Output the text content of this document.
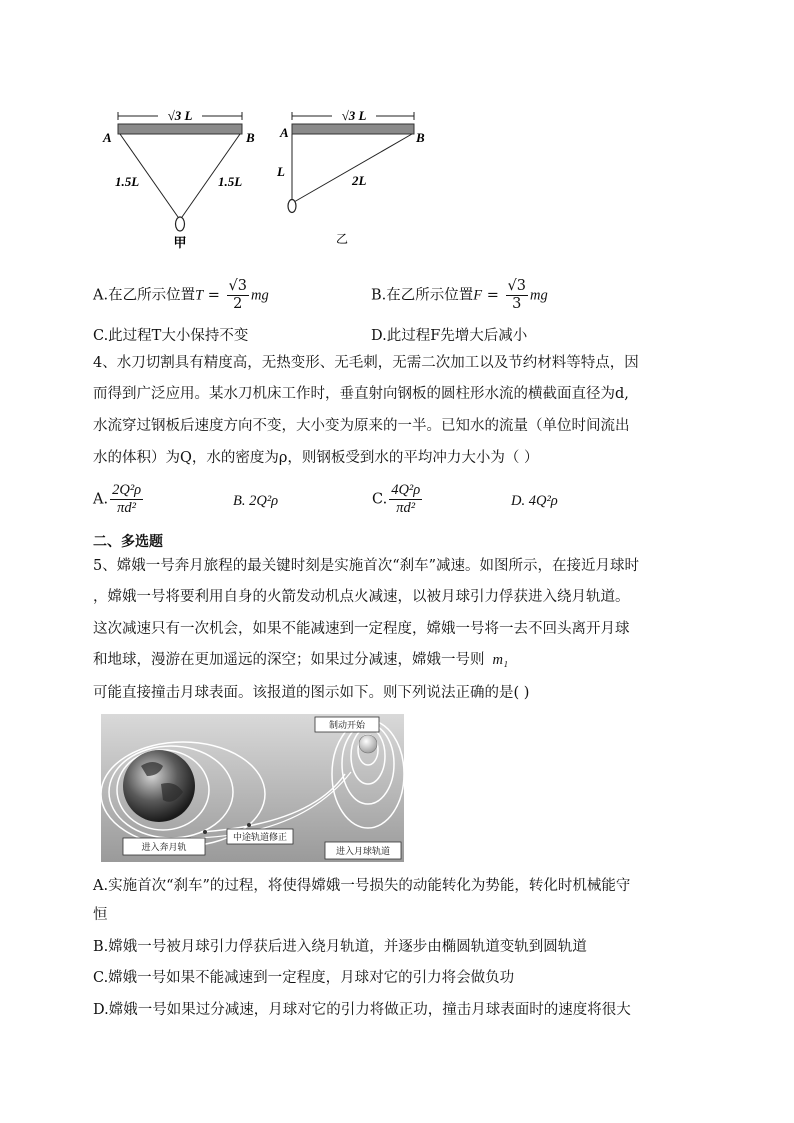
√3 L
A	B
1.5L	1.5L
甲
√3 L
A	B
L
2L
乙
A.在乙所示位置$T = \frac{√3}{2}$ mg	B.在乙所示位置$F = \frac{√3}{3}$ mg
C.此过程T大小保持不变	D.此过程F先增大后减小
4、水刀切割具有精度高，无热变形、无毛刺，无需二次加工以及节约材料等特点，因
而得到广泛应用。某水刀机床工作时，垂直射向钢板的圆柱形水流的横截面直径为d,
水流穿过钢板后速度方向不变，大小变为原来的一半。已知水的流量（单位时间流出
水的体积）为Q，水的密度为ρ，则钢板受到水的平均冲力大小为（ ）
A. $\frac{\text{2Q²ρ}}{\text{πd²}}$	B. 2Q²ρ	C. $\frac{\text{4Q²ρ}}{\text{πd²}}$	D. 4Q²ρ
二、多选题
5、嫦娥一号奔月旅程的最关键时刻是实施首次“刹车”减速。如图所示，在接近月球时
，嫦娥一号将要利用自身的火箭发动机点火减速，以被月球引力俘获进入绕月轨道。
这次减速只有一次机会，如果不能减速到一定程度，嫦娥一号将一去不回头离开月球
和地球，漫游在更加遥远的深空；如果过分减速，嫦娥一号则 m₁
可能直接撞击月球表面。该报道的图示如下。则下列说法正确的是( )
制动开始
中途轨道修正
进入奔月轨	进入月球轨道
A.实施首次“刹车”的过程，将使得嫦娥一号损失的动能转化为势能，转化时机械能守
恒
B.嫦娥一号被月球引力俘获后进入绕月轨道，并逐步由椭圆轨道变轨到圆轨道
C.嫦娥一号如果不能减速到一定程度，月球对它的引力将会做负功
D.嫦娥一号如果过分减速，月球对它的引力将做正功，撞击月球表面时的速度将很大
